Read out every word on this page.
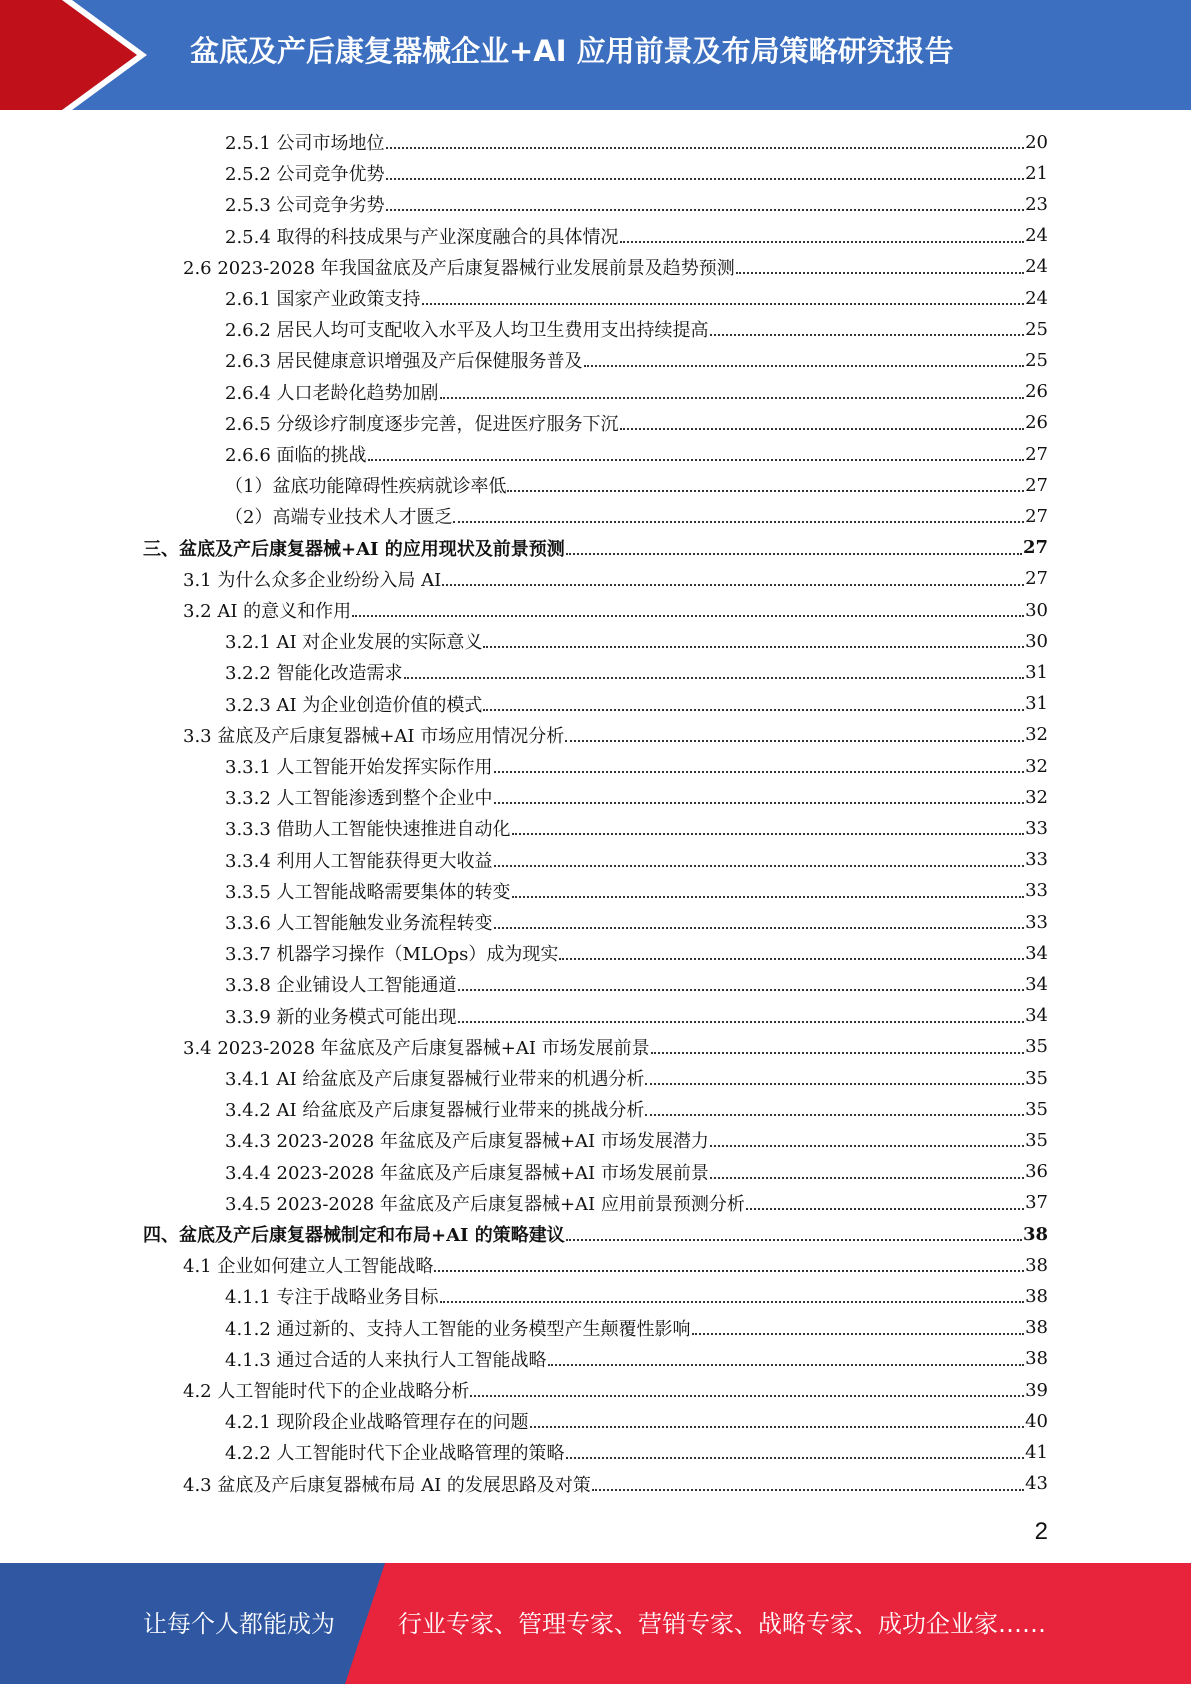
盆底及产后康复器械企业+AI 应用前景及布局策略研究报告
2.5.1 公司市场地位	20
2.5.2 公司竞争优势	21
2.5.3 公司竞争劣势	23
2.5.4 取得的科技成果与产业深度融合的具体情况	24
2.6 2023-2028 年我国盆底及产后康复器械行业发展前景及趋势预测	24
2.6.1 国家产业政策支持	24
2.6.2 居民人均可支配收入水平及人均卫生费用支出持续提高	25
2.6.3 居民健康意识增强及产后保健服务普及	25
2.6.4 人口老龄化趋势加剧	26
2.6.5 分级诊疗制度逐步完善，促进医疗服务下沉	26
2.6.6 面临的挑战	27
（1）盆底功能障碍性疾病就诊率低	27
（2）高端专业技术人才匮乏	27
三、盆底及产后康复器械+AI 的应用现状及前景预测	27
3.1 为什么众多企业纷纷入局 AI	27
3.2 AI 的意义和作用	30
3.2.1 AI 对企业发展的实际意义	30
3.2.2 智能化改造需求	31
3.2.3 AI 为企业创造价值的模式	31
3.3 盆底及产后康复器械+AI 市场应用情况分析	32
3.3.1 人工智能开始发挥实际作用	32
3.3.2 人工智能渗透到整个企业中	32
3.3.3 借助人工智能快速推进自动化	33
3.3.4 利用人工智能获得更大收益	33
3.3.5 人工智能战略需要集体的转变	33
3.3.6 人工智能触发业务流程转变	33
3.3.7 机器学习操作（MLOps）成为现实	34
3.3.8 企业铺设人工智能通道	34
3.3.9 新的业务模式可能出现	34
3.4 2023-2028 年盆底及产后康复器械+AI 市场发展前景	35
3.4.1 AI 给盆底及产后康复器械行业带来的机遇分析	35
3.4.2 AI 给盆底及产后康复器械行业带来的挑战分析	35
3.4.3 2023-2028 年盆底及产后康复器械+AI 市场发展潜力	35
3.4.4 2023-2028 年盆底及产后康复器械+AI 市场发展前景	36
3.4.5 2023-2028 年盆底及产后康复器械+AI 应用前景预测分析	37
四、盆底及产后康复器械制定和布局+AI 的策略建议	38
4.1 企业如何建立人工智能战略	38
4.1.1 专注于战略业务目标	38
4.1.2 通过新的、支持人工智能的业务模型产生颠覆性影响	38
4.1.3 通过合适的人来执行人工智能战略	38
4.2 人工智能时代下的企业战略分析	39
4.2.1 现阶段企业战略管理存在的问题	40
4.2.2 人工智能时代下企业战略管理的策略	41
4.3 盆底及产后康复器械布局 AI 的发展思路及对策	43
2
让每个人都能成为	行业专家、管理专家、营销专家、战略专家、成功企业家……
